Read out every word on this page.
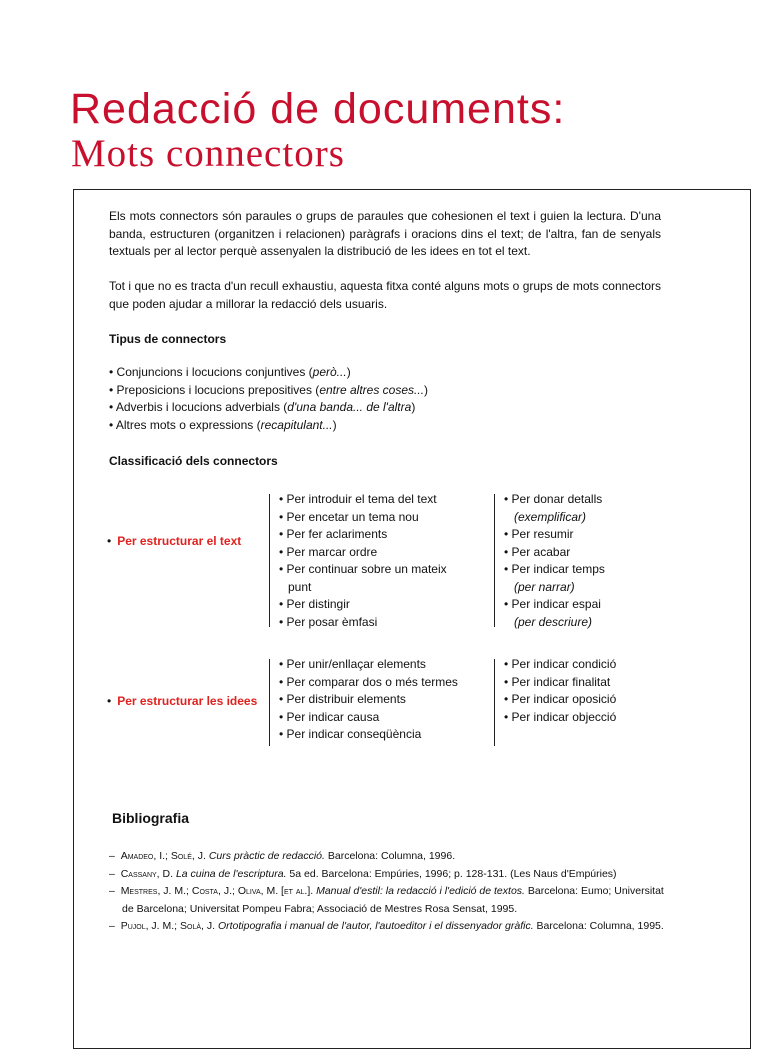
Redacció de documents:
Mots connectors

Els mots connectors són paraules o grups de paraules que cohesionen el text i guien la lectura. D'una banda, estructuren (organitzen i relacionen) paràgrafs i oracions dins el text; de l'altra, fan de senyals textuals per al lector perquè assenyalen la distribució de les idees en tot el text.

Tot i que no es tracta d'un recull exhaustiu, aquesta fitxa conté alguns mots o grups de mots connectors que poden ajudar a millorar la redacció dels usuaris.

Tipus de connectors

• Conjuncions i locucions conjuntives (però...)
• Preposicions i locucions prepositives (entre altres coses...)
• Adverbis i locucions adverbials (d'una banda... de l'altra)
• Altres mots o expressions (recapitulant...)

Classificació dels connectors

• Per estructurar el text
• Per introduir el tema del text
• Per encetar un tema nou
• Per fer aclariments
• Per marcar ordre
• Per continuar sobre un mateix
punt
• Per distingir
• Per posar èmfasi
• Per donar detalls
(exemplificar)
• Per resumir
• Per acabar
• Per indicar temps
(per narrar)
• Per indicar espai
(per descriure)
• Per estructurar les idees
• Per unir/enllaçar elements
• Per comparar dos o més termes
• Per distribuir elements
• Per indicar causa
• Per indicar conseqüència
• Per indicar condició
• Per indicar finalitat
• Per indicar oposició
• Per indicar objecció

Bibliografia

–  Amadeo, I.; Solé, J. Curs pràctic de redacció. Barcelona: Columna, 1996.
–  Cassany, D. La cuina de l'escriptura. 5a ed. Barcelona: Empúries, 1996; p. 128-131. (Les Naus d'Empúries)
–  Mestres, J. M.; Costa, J.; Oliva, M. [et al.]. Manual d'estil: la redacció i l'edició de textos. Barcelona: Eumo; Universitat de Barcelona; Universitat Pompeu Fabra; Associació de Mestres Rosa Sensat, 1995.
–  Pujol, J. M.; Solà, J. Ortotipografia i manual de l'autor, l'autoeditor i el dissenyador gràfic. Barcelona: Columna, 1995.
